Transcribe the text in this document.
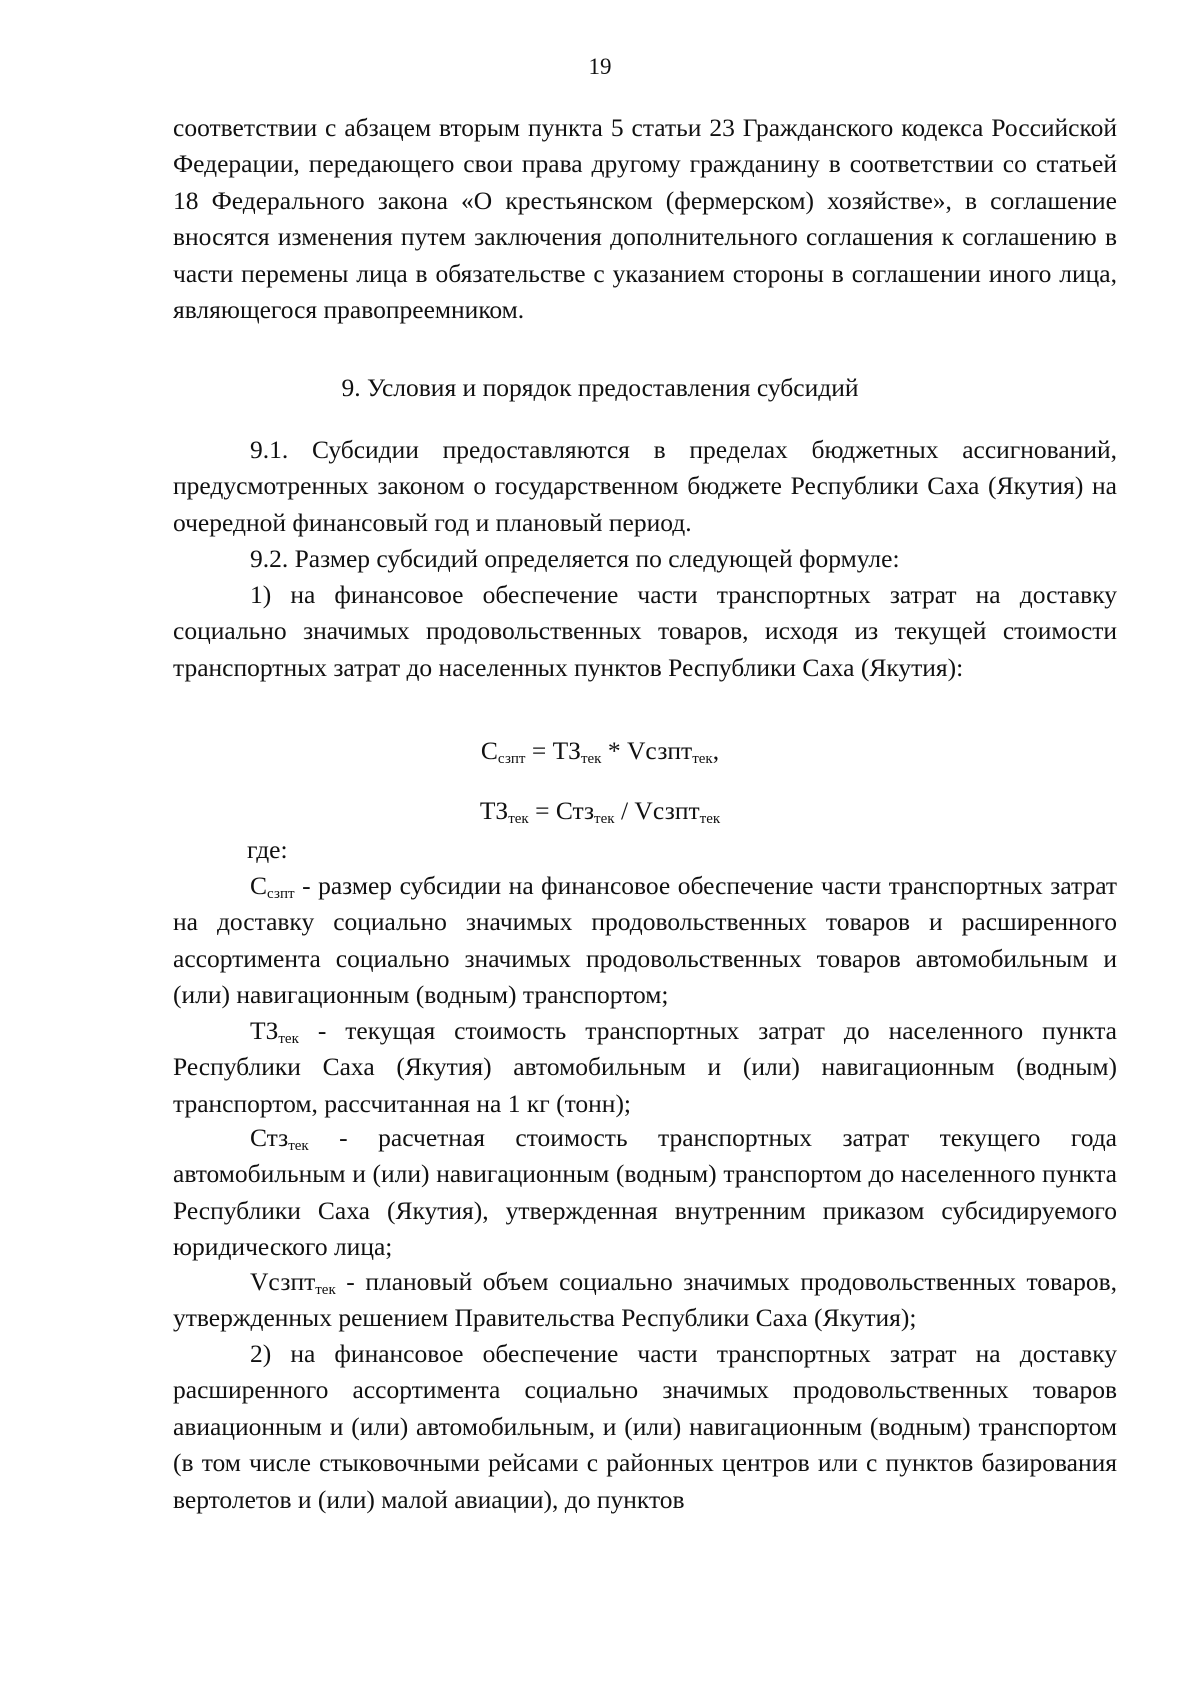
19

соответствии с абзацем вторым пункта 5 статьи 23 Гражданского кодекса Российской Федерации, передающего свои права другому гражданину в соответствии со статьей 18 Федерального закона «О крестьянском (фермерском) хозяйстве», в соглашение вносятся изменения путем заключения дополнительного соглашения к соглашению в части перемены лица в обязательстве с указанием стороны в соглашении иного лица, являющегося правопреемником.

9. Условия и порядок предоставления субсидий

9.1. Субсидии предоставляются в пределах бюджетных ассигнований, предусмотренных законом о государственном бюджете Республики Саха (Якутия) на очередной финансовый год и плановый период.

9.2. Размер субсидий определяется по следующей формуле:

1) на финансовое обеспечение части транспортных затрат на доставку социально значимых продовольственных товаров, исходя из текущей стоимости транспортных затрат до населенных пунктов Республики Саха (Якутия):

$С_{сзпт} = ТЗ_{тек}$ * Vсзпт$_{тек}$,
$ТЗ_{тек} = Стз_{тек}$ / Vсзпт$_{тек}$
где:

$С_{сзпт}$ - размер субсидии на финансовое обеспечение части транспортных затрат на доставку социально значимых продовольственных товаров и расширенного ассортимента социально значимых продовольственных товаров автомобильным и (или) навигационным (водным) транспортом;

$ТЗ_{тек}$ - текущая стоимость транспортных затрат до населенного пункта Республики Саха (Якутия) автомобильным и (или) навигационным (водным) транспортом, рассчитанная на 1 кг (тонн);

Стз$_{тек}$ - расчетная стоимость транспортных затрат текущего года автомобильным и (или) навигационным (водным) транспортом до населенного пункта Республики Саха (Якутия), утвержденная внутренним приказом субсидируемого юридического лица;

Vсзпт$_{тек}$ - плановый объем социально значимых продовольственных товаров, утвержденных решением Правительства Республики Саха (Якутия);

2) на финансовое обеспечение части транспортных затрат на доставку расширенного ассортимента социально значимых продовольственных товаров авиационным и (или) автомобильным, и (или) навигационным (водным) транспортом (в том числе стыковочными рейсами с районных центров или с пунктов базирования вертолетов и (или) малой авиации), до пунктов
